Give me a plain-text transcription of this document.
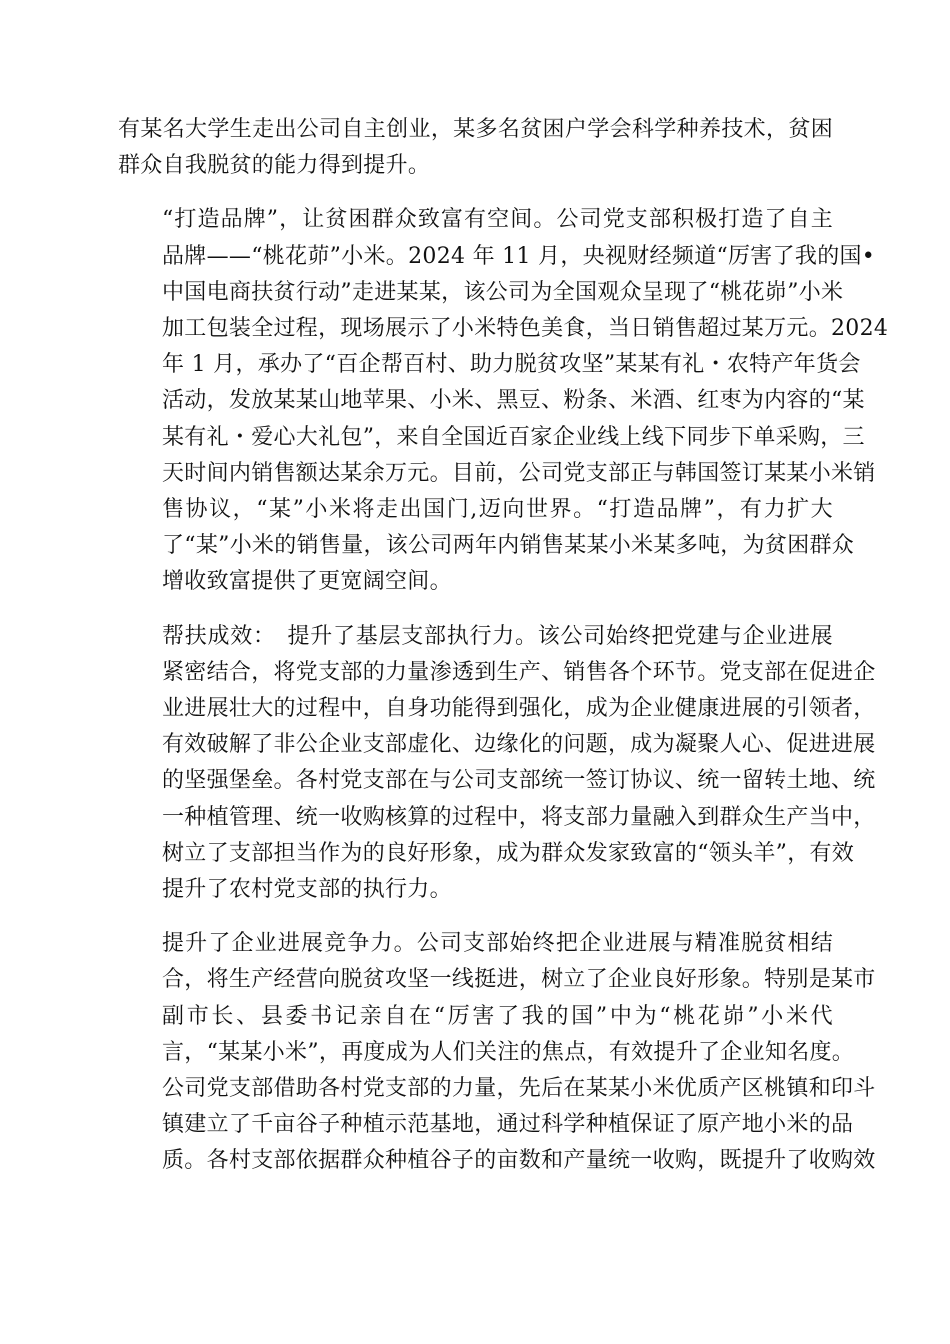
有某名大学生走出公司自主创业，某多名贫困户学会科学种养技术，贫困
群众自我脱贫的能力得到提升。
“打造品牌”，让贫困群众致富有空间。公司党支部积极打造了自主
品牌——“桃花茆”小米。2024 年 11 月，央视财经频道“厉害了我的国•
中国电商扶贫行动”走进某某，该公司为全国观众呈现了“桃花峁”小米
加工包装全过程，现场展示了小米特色美食，当日销售超过某万元。2024
年 1 月，承办了“百企帮百村、助力脱贫攻坚”某某有礼・农特产年货会
活动，发放某某山地苹果、小米、黑豆、粉条、米酒、红枣为内容的“某
某有礼・爱心大礼包”，来自全国近百家企业线上线下同步下单采购，三
天时间内销售额达某余万元。目前，公司党支部正与韩国签订某某小米销
售协议，“某”小米将走出国门,迈向世界。“打造品牌”，有力扩大
了“某”小米的销售量，该公司两年内销售某某小米某多吨，为贫困群众
增收致富提供了更宽阔空间。
帮扶成效：　提升了基层支部执行力。该公司始终把党建与企业进展
紧密结合，将党支部的力量渗透到生产、销售各个环节。党支部在促进企
业进展壮大的过程中，自身功能得到强化，成为企业健康进展的引领者，
有效破解了非公企业支部虚化、边缘化的问题，成为凝聚人心、促进进展
的坚强堡垒。各村党支部在与公司支部统一签订协议、统一留转土地、统
一种植管理、统一收购核算的过程中，将支部力量融入到群众生产当中，
树立了支部担当作为的良好形象，成为群众发家致富的“领头羊”，有效
提升了农村党支部的执行力。
提升了企业进展竞争力。公司支部始终把企业进展与精准脱贫相结
合，将生产经营向脱贫攻坚一线挺进，树立了企业良好形象。特别是某市
副市长、县委书记亲自在“厉害了我的国”中为“桃花峁”小米代
言，“某某小米”，再度成为人们关注的焦点，有效提升了企业知名度。
公司党支部借助各村党支部的力量，先后在某某小米优质产区桃镇和印斗
镇建立了千亩谷子种植示范基地，通过科学种植保证了原产地小米的品
质。各村支部依据群众种植谷子的亩数和产量统一收购，既提升了收购效
